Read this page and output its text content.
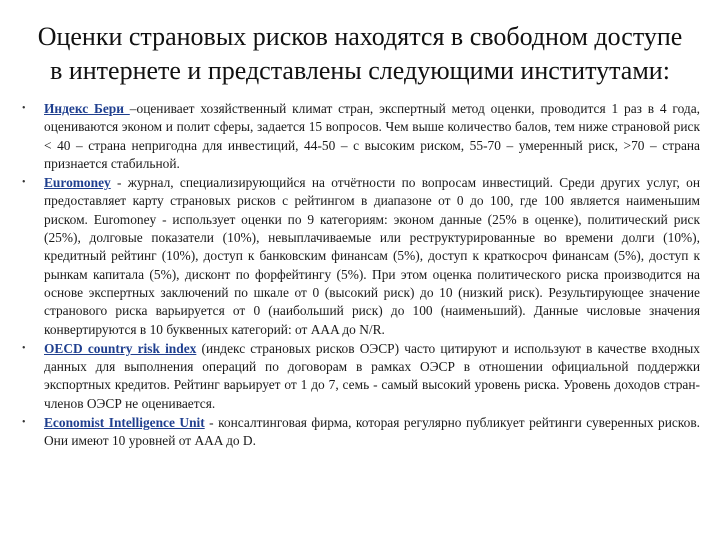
Оценки страновых рисков находятся в свободном доступе
в интернете и представлены следующими институтами:
• Индекс Бери –оценивает хозяйственный климат стран, экспертный метод оценки, проводится 1 раз в 4 года, оцениваются эконом и полит сферы, задается 15 вопросов. Чем выше количество балов, тем ниже страновой риск < 40 – страна непригодна для инвестиций, 44-50 – с высоким риском, 55-70 – умеренный риск, >70 – страна признается стабильной.
• Euromoney - журнал, специализирующийся на отчётности по вопросам инвестиций. Среди других услуг, он предоставляет карту страновых рисков с рейтингом в диапазоне от 0 до 100, где 100 является наименьшим риском. Euromoney - использует оценки по 9 категориям: эконом данные (25% в оценке), политический риск (25%), долговые показатели (10%), невыплачиваемые или реструктурированные во времени долги (10%), кредитный рейтинг (10%), доступ к банковским финансам (5%), доступ к краткосроч финансам (5%), доступ к рынкам капитала (5%), дисконт по форфейтингу (5%). При этом оценка политического риска производится на основе экспертных заключений по шкале от 0 (высокий риск) до 10 (низкий риск). Результирующее значение странового риска варьируется от 0 (наибольший риск) до 100 (наименьший). Данные числовые значения конвертируются в 10 буквенных категорий: от AAA до N/R.
• OECD country risk index (индекс страновых рисков ОЭСР) часто цитируют и используют в качестве входных данных для выполнения операций по договорам в рамках ОЭСР в отношении официальной поддержки экспортных кредитов. Рейтинг варьирует от 1 до 7, семь - самый высокий уровень риска. Уровень доходов стран-членов ОЭСР не оценивается.
• Economist Intelligence Unit - консалтинговая фирма, которая регулярно публикует рейтинги суверенных рисков. Они имеют 10 уровней от AAA до D.
